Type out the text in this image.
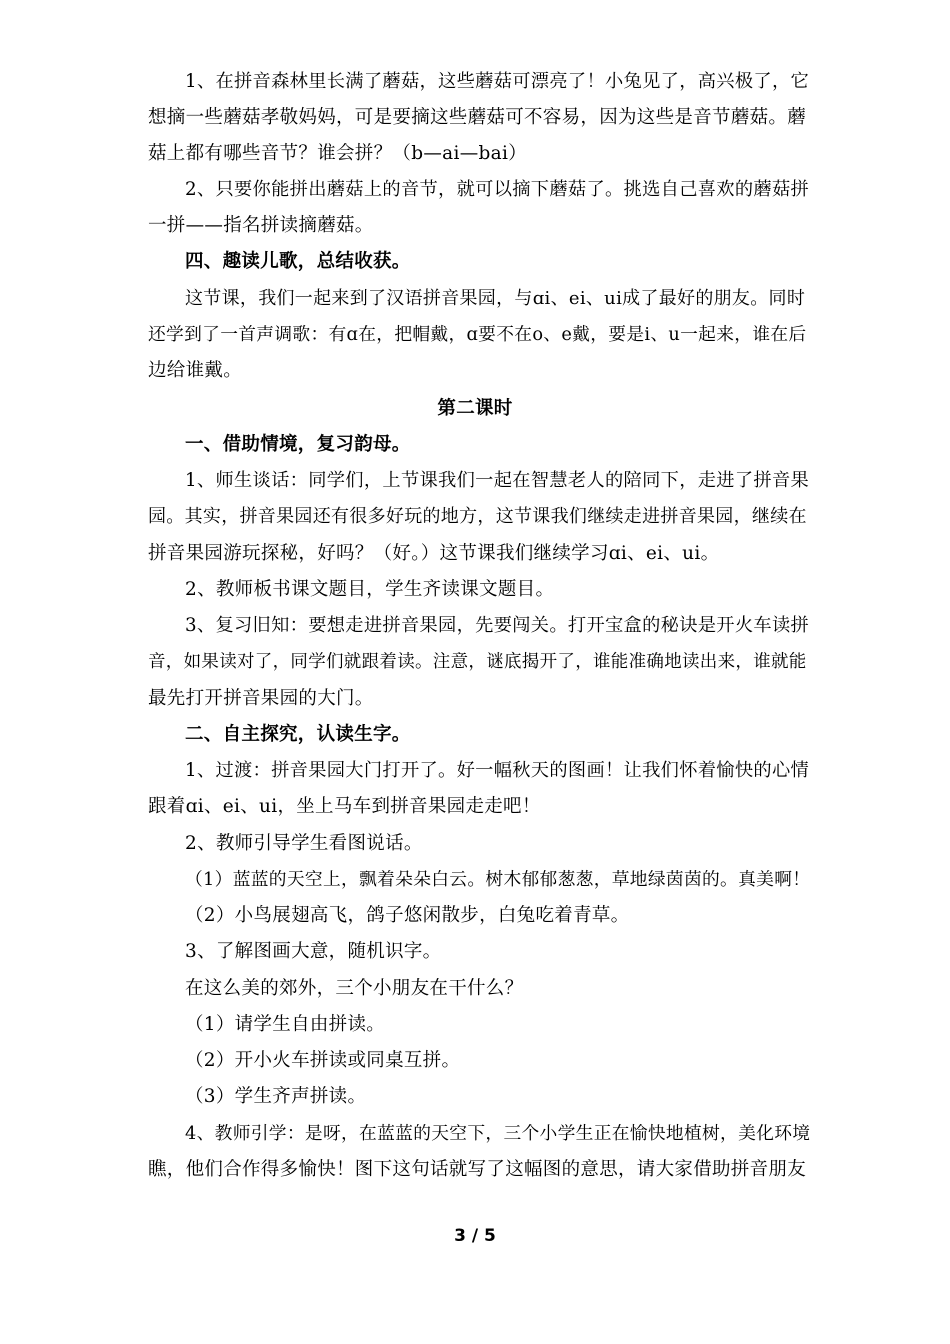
1、在拼音森林里长满了蘑菇，这些蘑菇可漂亮了！小兔见了，高兴极了，它
想摘一些蘑菇孝敬妈妈，可是要摘这些蘑菇可不容易，因为这些是音节蘑菇。蘑
菇上都有哪些音节？谁会拼？（b—ai—bai）
2、只要你能拼出蘑菇上的音节，就可以摘下蘑菇了。挑选自己喜欢的蘑菇拼
一拼——指名拼读摘蘑菇。
四、趣读儿歌，总结收获。
这节课，我们一起来到了汉语拼音果园，与ɑi、ei、ui成了最好的朋友。同时
还学到了一首声调歌：有ɑ在，把帽戴，ɑ要不在o、e戴，要是i、u一起来，谁在后
边给谁戴。
第二课时
一、借助情境，复习韵母。
1、师生谈话：同学们，上节课我们一起在智慧老人的陪同下，走进了拼音果
园。其实，拼音果园还有很多好玩的地方，这节课我们继续走进拼音果园，继续在
拼音果园游玩探秘，好吗？（好。）这节课我们继续学习ɑi、ei、ui。
2、教师板书课文题目，学生齐读课文题目。
3、复习旧知：要想走进拼音果园，先要闯关。打开宝盒的秘诀是开火车读拼
音，如果读对了，同学们就跟着读。注意，谜底揭开了，谁能准确地读出来，谁就能
最先打开拼音果园的大门。
二、自主探究，认读生字。
1、过渡：拼音果园大门打开了。好一幅秋天的图画！让我们怀着愉快的心情
跟着ɑi、ei、ui，坐上马车到拼音果园走走吧！
2、教师引导学生看图说话。
（1）蓝蓝的天空上，飘着朵朵白云。树木郁郁葱葱，草地绿茵茵的。真美啊！
（2）小鸟展翅高飞，鸽子悠闲散步，白兔吃着青草。
3、了解图画大意，随机识字。
在这么美的郊外，三个小朋友在干什么？
（1）请学生自由拼读。
（2）开小火车拼读或同桌互拼。
（3）学生齐声拼读。
4、教师引学：是呀，在蓝蓝的天空下，三个小学生正在愉快地植树，美化环境
瞧，他们合作得多愉快！图下这句话就写了这幅图的意思，请大家借助拼音朋友
3 / 5
